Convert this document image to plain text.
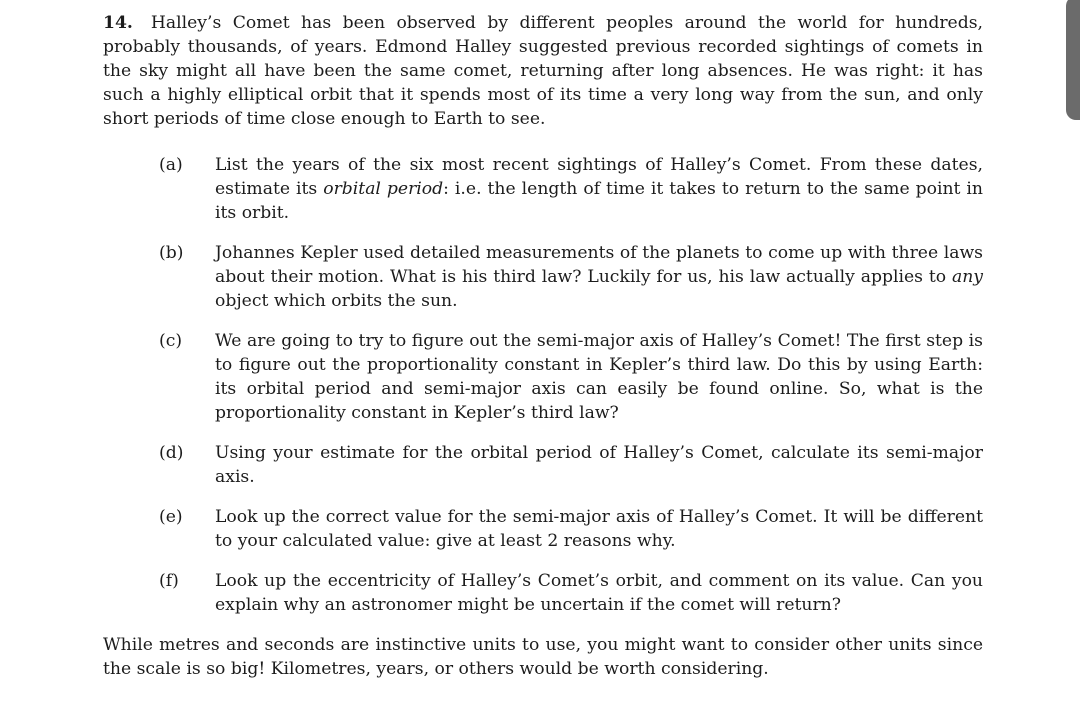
14. Halley’s Comet has been observed by different peoples around the world for hundreds, probably thousands, of years. Edmond Halley suggested previous recorded sightings of comets in the sky might all have been the same comet, returning after long absences. He was right: it has such a highly elliptical orbit that it spends most of its time a very long way from the sun, and only short periods of time close enough to Earth to see.

(a)	List the years of the six most recent sightings of Halley’s Comet. From these dates, estimate its orbital period: i.e. the length of time it takes to return to the same point in its orbit.
(b)	Johannes Kepler used detailed measurements of the planets to come up with three laws about their motion. What is his third law? Luckily for us, his law actually applies to any object which orbits the sun.
(c)	We are going to try to figure out the semi-major axis of Halley’s Comet! The first step is to figure out the proportionality constant in Kepler’s third law. Do this by using Earth: its orbital period and semi-major axis can easily be found online. So, what is the proportionality constant in Kepler’s third law?
(d)	Using your estimate for the orbital period of Halley’s Comet, calculate its semi-major axis.
(e)	Look up the correct value for the semi-major axis of Halley’s Comet. It will be different to your calculated value: give at least 2 reasons why.
(f)	Look up the eccentricity of Halley’s Comet’s orbit, and comment on its value. Can you explain why an astronomer might be uncertain if the comet will return?

While metres and seconds are instinctive units to use, you might want to consider other units since the scale is so big! Kilometres, years, or others would be worth considering.
